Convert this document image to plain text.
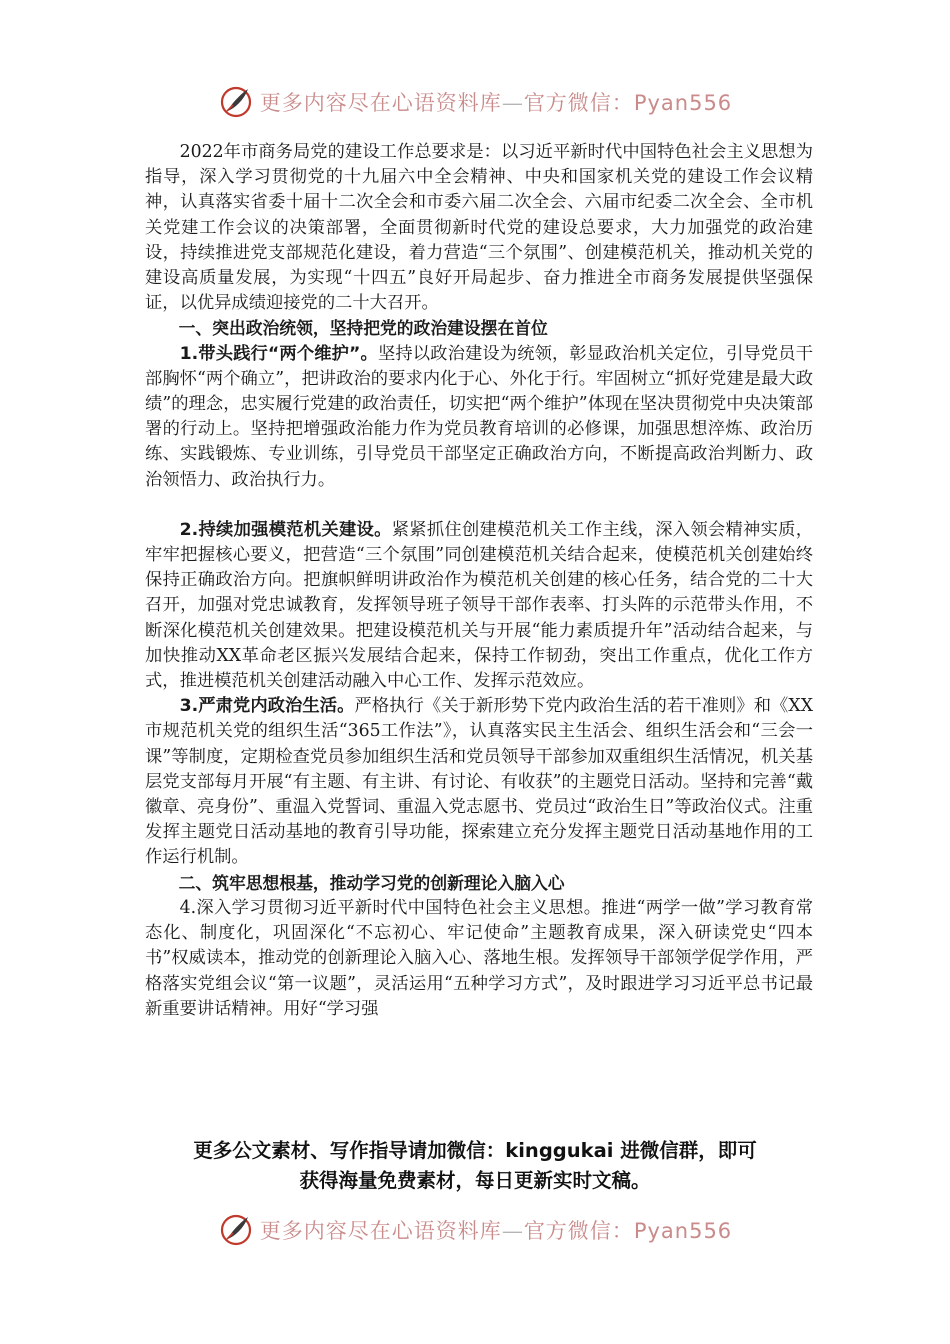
更多内容尽在心语资料库—官方微信：Pyan556

2022年市商务局党的建设工作总要求是：以习近平新时代中国特色社会主义思想为指导，深入学习贯彻党的十九届六中全会精神、中央和国家机关党的建设工作会议精神，认真落实省委十届十二次全会和市委六届二次全会、六届市纪委二次全会、全市机关党建工作会议的决策部署，全面贯彻新时代党的建设总要求，大力加强党的政治建设，持续推进党支部规范化建设，着力营造“三个氛围”、创建模范机关，推动机关党的建设高质量发展，为实现“十四五”良好开局起步、奋力推进全市商务发展提供坚强保证，以优异成绩迎接党的二十大召开。

一、突出政治统领，坚持把党的政治建设摆在首位

1.带头践行“两个维护”。坚持以政治建设为统领，彰显政治机关定位，引导党员干部胸怀“两个确立”，把讲政治的要求内化于心、外化于行。牢固树立“抓好党建是最大政绩”的理念，忠实履行党建的政治责任，切实把“两个维护”体现在坚决贯彻党中央决策部署的行动上。坚持把增强政治能力作为党员教育培训的必修课，加强思想淬炼、政治历练、实践锻炼、专业训练，引导党员干部坚定正确政治方向，不断提高政治判断力、政治领悟力、政治执行力。

2.持续加强模范机关建设。紧紧抓住创建模范机关工作主线，深入领会精神实质，牢牢把握核心要义，把营造“三个氛围”同创建模范机关结合起来，使模范机关创建始终保持正确政治方向。把旗帜鲜明讲政治作为模范机关创建的核心任务，结合党的二十大召开，加强对党忠诚教育，发挥领导班子领导干部作表率、打头阵的示范带头作用，不断深化模范机关创建效果。把建设模范机关与开展“能力素质提升年”活动结合起来，与加快推动XX革命老区振兴发展结合起来，保持工作韧劲，突出工作重点，优化工作方式，推进模范机关创建活动融入中心工作、发挥示范效应。

3.严肃党内政治生活。严格执行《关于新形势下党内政治生活的若干准则》和《XX市规范机关党的组织生活“365工作法”》，认真落实民主生活会、组织生活会和“三会一课”等制度，定期检查党员参加组织生活和党员领导干部参加双重组织生活情况，机关基层党支部每月开展“有主题、有主讲、有讨论、有收获”的主题党日活动。坚持和完善“戴徽章、亮身份”、重温入党誓词、重温入党志愿书、党员过“政治生日”等政治仪式。注重发挥主题党日活动基地的教育引导功能，探索建立充分发挥主题党日活动基地作用的工作运行机制。

二、筑牢思想根基，推动学习党的创新理论入脑入心

4.深入学习贯彻习近平新时代中国特色社会主义思想。推进“两学一做”学习教育常态化、制度化，巩固深化“不忘初心、牢记使命”主题教育成果，深入研读党史“四本书”权威读本，推动党的创新理论入脑入心、落地生根。发挥领导干部领学促学作用，严格落实党组会议“第一议题”，灵活运用“五种学习方式”，及时跟进学习习近平总书记最新重要讲话精神。用好“学习强

更多公文素材、写作指导请加微信：kinggukai 进微信群，即可
获得海量免费素材，每日更新实时文稿。
更多内容尽在心语资料库—官方微信：Pyan556
